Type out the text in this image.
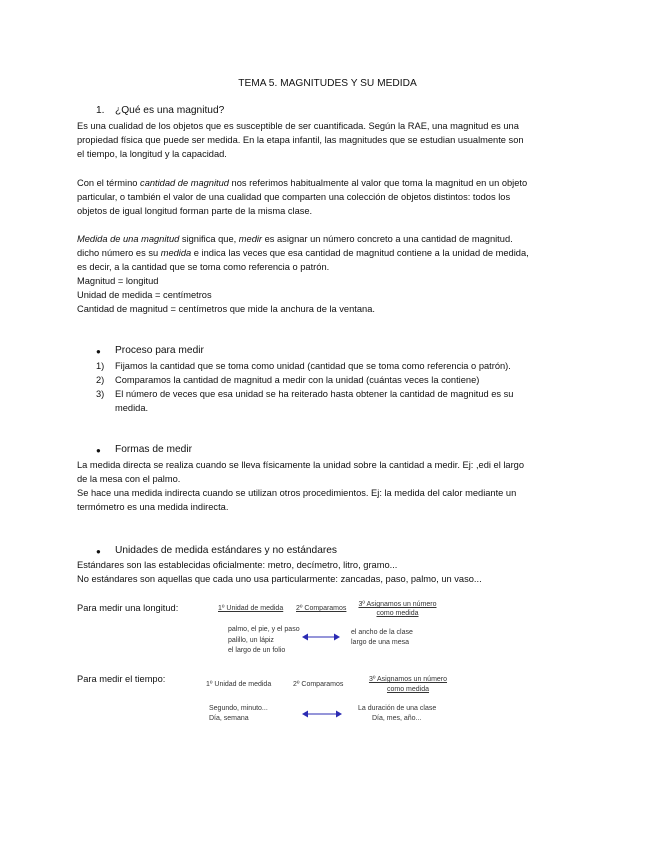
TEMA 5. MAGNITUDES Y SU MEDIDA
1. ¿Qué es una magnitud?
Es una cualidad de los objetos que es susceptible de ser cuantificada. Según la RAE, una magnitud es una
propiedad física que puede ser medida. En la etapa infantil, las magnitudes que se estudian usualmente son
el tiempo, la longitud y la capacidad.
Con el término cantidad de magnitud nos referimos habitualmente al valor que toma la magnitud en un objeto
particular, o también el valor de una cualidad que comparten una colección de objetos distintos: todos los
objetos de igual longitud forman parte de la misma clase.
Medida de una magnitud significa que, medir es asignar un número concreto a una cantidad de magnitud.
dicho número es su medida e indica las veces que esa cantidad de magnitud contiene a la unidad de medida,
es decir, a la cantidad que se toma como referencia o patrón.
Magnitud = longitud
Unidad de medida = centímetros
Cantidad de magnitud = centímetros que mide la anchura de la ventana.
● Proceso para medir
1) Fijamos la cantidad que se toma como unidad (cantidad que se toma como referencia o patrón).
2) Comparamos la cantidad de magnitud a medir con la unidad (cuántas veces la contiene)
3) El número de veces que esa unidad se ha reiterado hasta obtener la cantidad de magnitud es su
medida.
● Formas de medir
La medida directa se realiza cuando se lleva físicamente la unidad sobre la cantidad a medir. Ej: ,edi el largo
de la mesa con el palmo.
Se hace una medida indirecta cuando se utilizan otros procedimientos. Ej: la medida del calor mediante un
termómetro es una medida indirecta.
● Unidades de medida estándares y no estándares
Estándares son las establecidas oficialmente: metro, decímetro, litro, gramo...
No estándares son aquellas que cada uno usa particularmente: zancadas, paso, palmo, un vaso...
Para medir una longitud:	1º Unidad de medida 2º Comparamos
3º Asignamos un número
como medida
palmo, el pie, y el paso
palillo, un lápiz
el largo de un folio
el ancho de la clase
largo de una mesa
Para medir el tiempo:
1º Unidad de medida	2º Comparamos
3º Asignamos un número
como medida
Segundo, minuto...
Día, semana
La duración de una clase
Día, mes, año...
